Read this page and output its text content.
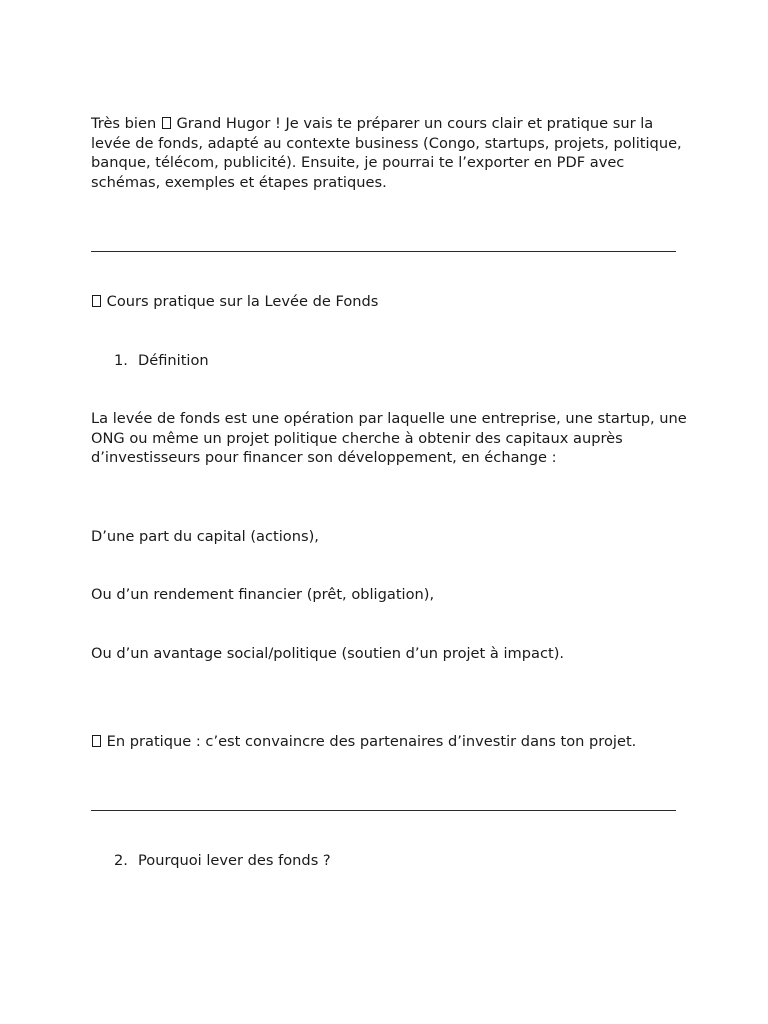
Très bien  Grand Hugor ! Je vais te préparer un cours clair et pratique sur la levée de fonds, adapté au contexte business (Congo, startups, projets, politique, banque, télécom, publicité). Ensuite, je pourrai te l’exporter en PDF avec schémas, exemples et étapes pratiques.

Cours pratique sur la Levée de Fonds

1. Définition

La levée de fonds est une opération par laquelle une entreprise, une startup, une ONG ou même un projet politique cherche à obtenir des capitaux auprès d’investisseurs pour financer son développement, en échange :

D’une part du capital (actions),

Ou d’un rendement financier (prêt, obligation),

Ou d’un avantage social/politique (soutien d’un projet à impact).

En pratique : c’est convaincre des partenaires d’investir dans ton projet.

2. Pourquoi lever des fonds ?
